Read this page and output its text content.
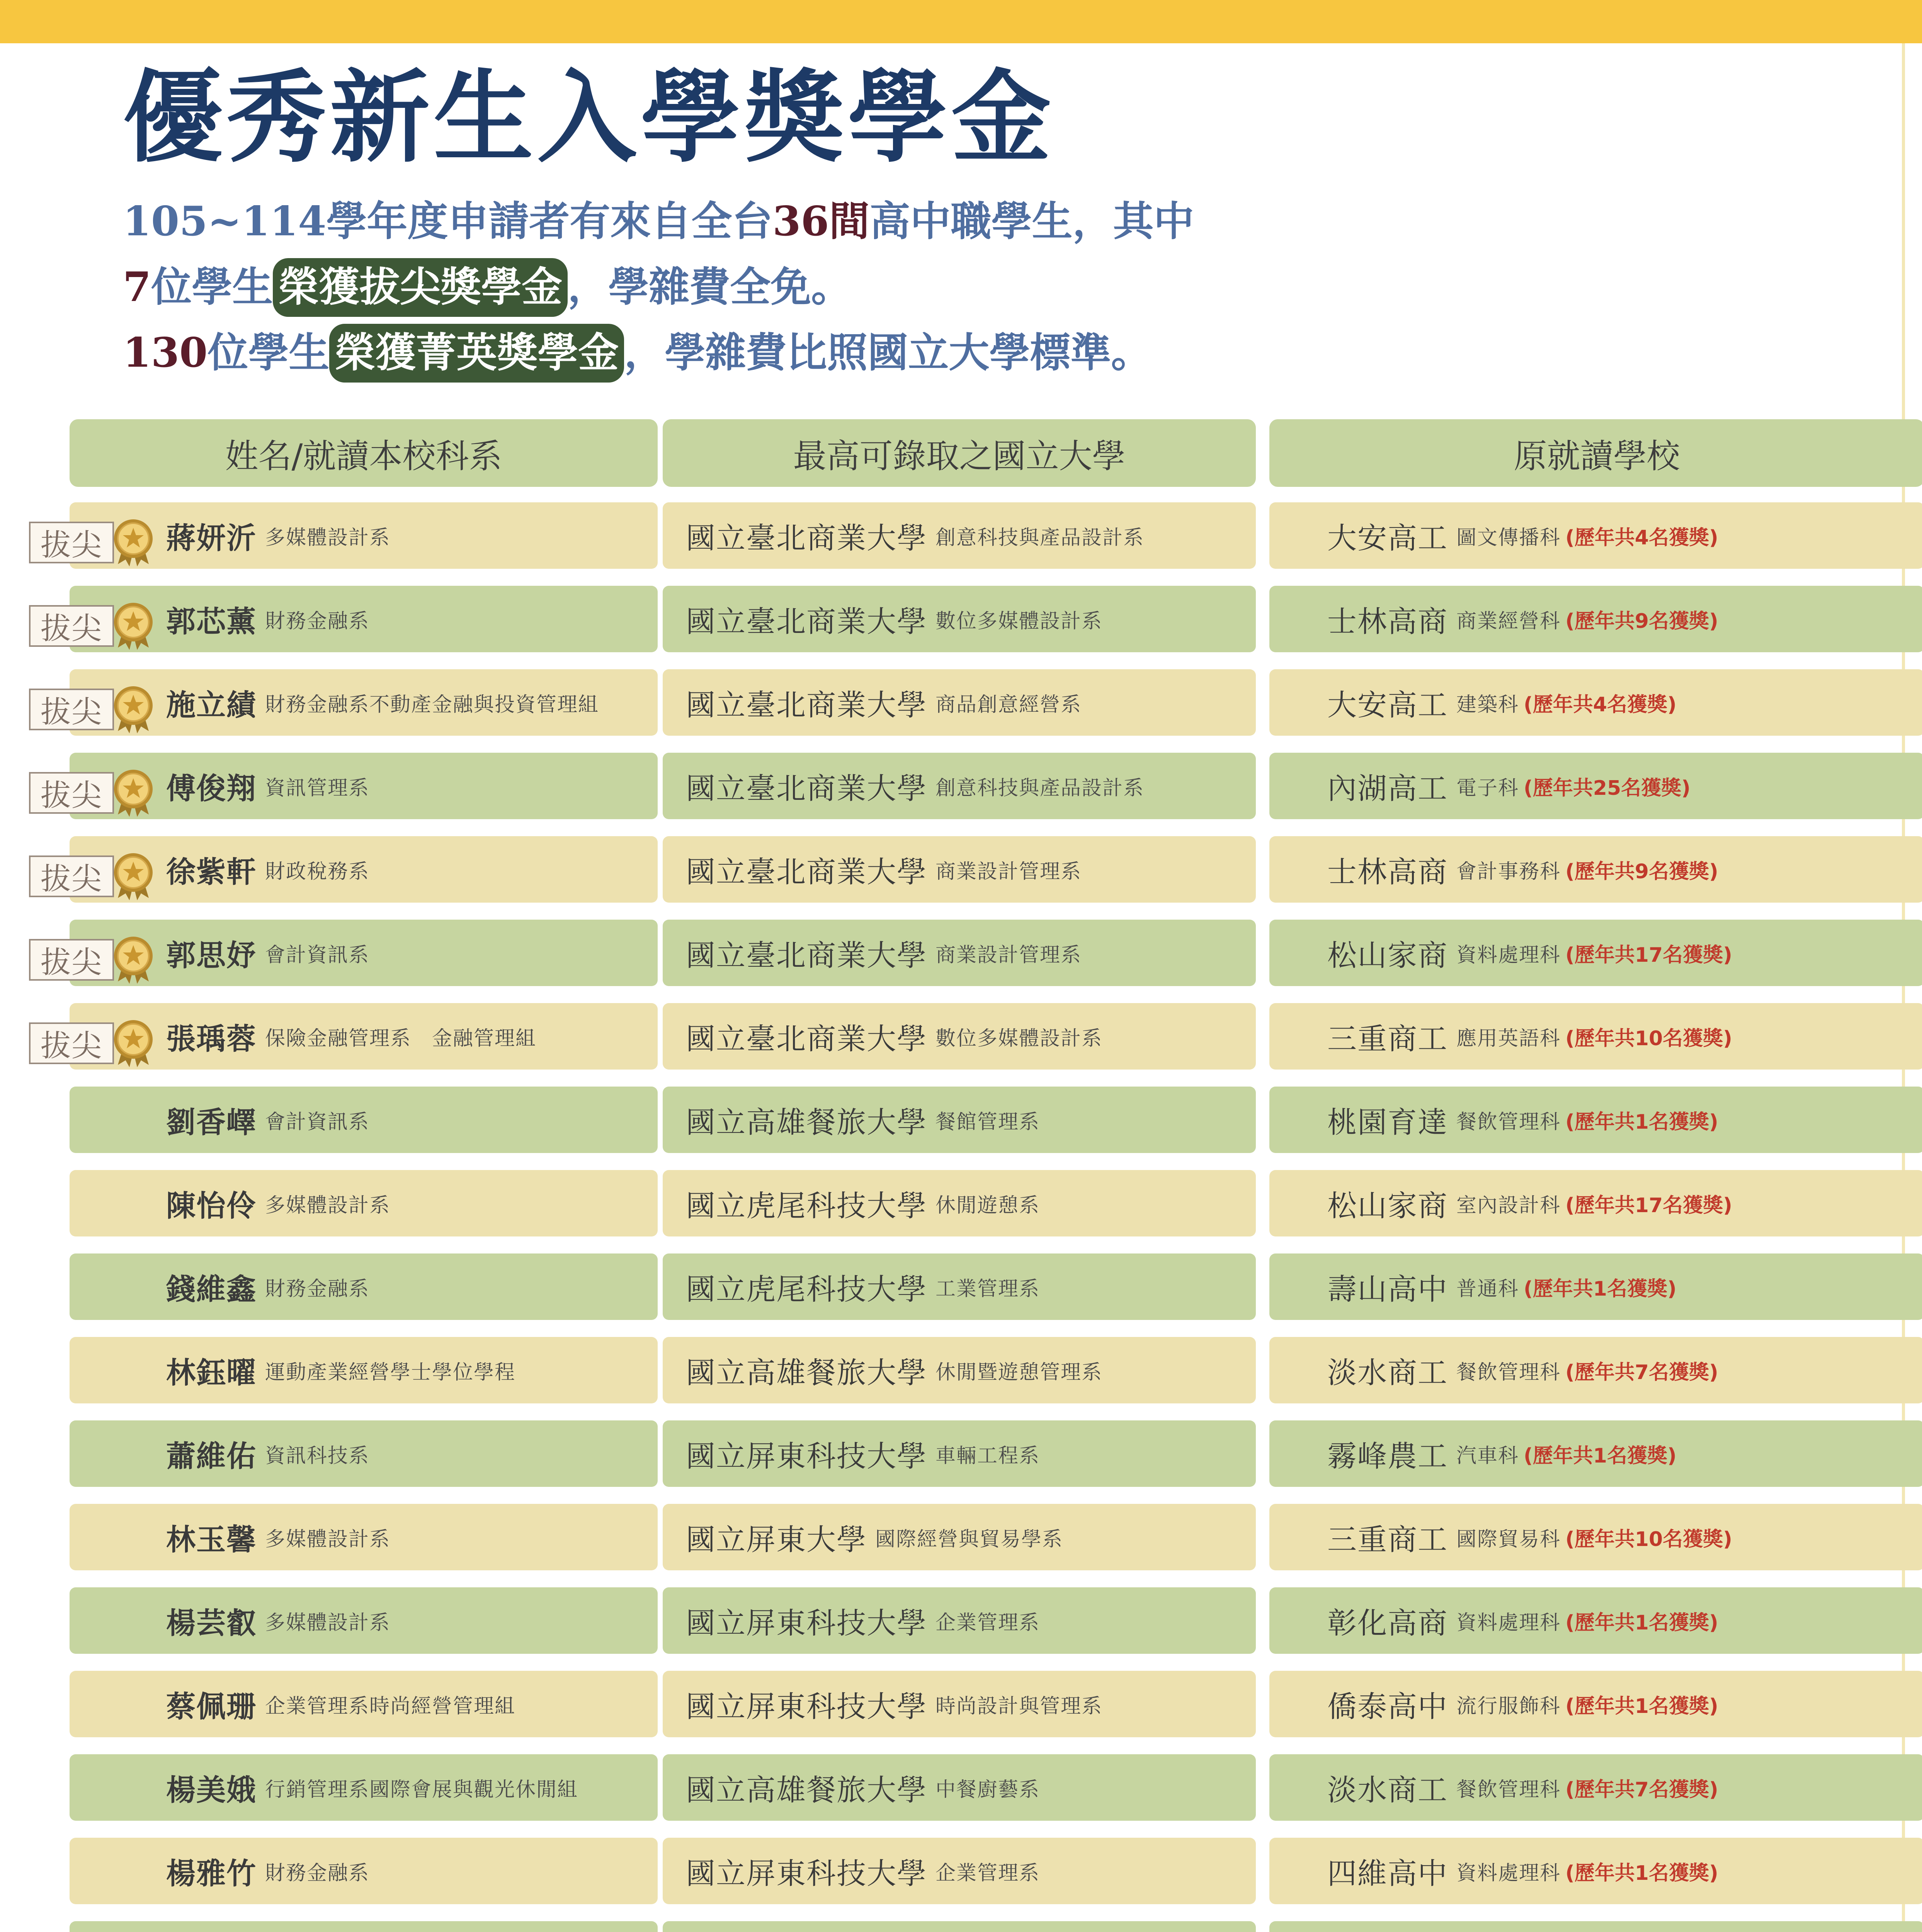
優秀新生入學獎學金
105~114學年度申請者有來自全台36間高中職學生，其中
7位學生 榮獲拔尖獎學金 ，學雜費全免。
130位學生 榮獲菁英獎學金 ，學雜費比照國立大學標準。
姓名/就讀本校科系	最高可錄取之國立大學	原就讀學校
蔣妍沂 多媒體設計系	國立臺北商業大學 創意科技與產品設計系	大安高工 圖文傳播科 (歷年共4名獲獎)
拔尖
郭芯薰 財務金融系	國立臺北商業大學 數位多媒體設計系	士林高商 商業經營科 (歷年共9名獲獎)
拔尖
施立績 財務金融系不動產金融與投資管理組	國立臺北商業大學 商品創意經營系	大安高工 建築科 (歷年共4名獲獎)
拔尖
傅俊翔 資訊管理系	國立臺北商業大學 創意科技與產品設計系	內湖高工 電子科 (歷年共25名獲獎)
拔尖
徐紫軒 財政稅務系	國立臺北商業大學 商業設計管理系	士林高商 會計事務科 (歷年共9名獲獎)
拔尖
郭思妤 會計資訊系	國立臺北商業大學 商業設計管理系	松山家商 資料處理科 (歷年共17名獲獎)
拔尖
張瑀蓉 保險金融管理系　金融管理組	國立臺北商業大學 數位多媒體設計系	三重商工 應用英語科 (歷年共10名獲獎)
拔尖
劉香嶧 會計資訊系	國立高雄餐旅大學 餐館管理系	桃園育達 餐飲管理科 (歷年共1名獲獎)
陳怡伶 多媒體設計系	國立虎尾科技大學 休閒遊憩系	松山家商 室內設計科 (歷年共17名獲獎)
錢維鑫 財務金融系	國立虎尾科技大學 工業管理系	壽山高中 普通科 (歷年共1名獲獎)
林鈺曜 運動產業經營學士學位學程	國立高雄餐旅大學 休閒暨遊憩管理系	淡水商工 餐飲管理科 (歷年共7名獲獎)
蕭維佑 資訊科技系	國立屏東科技大學 車輛工程系	霧峰農工 汽車科 (歷年共1名獲獎)
林玉馨 多媒體設計系	國立屏東大學 國際經營與貿易學系	三重商工 國際貿易科 (歷年共10名獲獎)
楊芸叡 多媒體設計系	國立屏東科技大學 企業管理系	彰化高商 資料處理科 (歷年共1名獲獎)
蔡佩珊 企業管理系時尚經營管理組	國立屏東科技大學 時尚設計與管理系	僑泰高中 流行服飾科 (歷年共1名獲獎)
楊美娥 行銷管理系國際會展與觀光休閒組	國立高雄餐旅大學 中餐廚藝系	淡水商工 餐飲管理科 (歷年共7名獲獎)
楊雅竹 財務金融系	國立屏東科技大學 企業管理系	四維高中 資料處理科 (歷年共1名獲獎)
